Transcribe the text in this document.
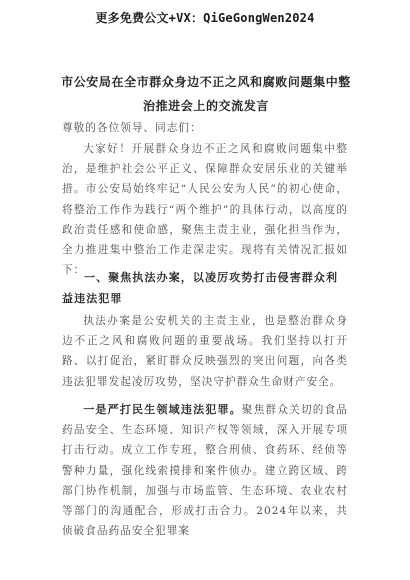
更多免费公文+VX：QiGeGongWen2024
市公安局在全市群众身边不正之风和腐败问题集中整治推进会上的交流发言

尊敬的各位领导、同志们：

大家好！开展群众身边不正之风和腐败问题集中整治，是维护社会公平正义、保障群众安居乐业的关键举措。市公安局始终牢记“人民公安为人民”的初心使命，将整治工作作为践行“两个维护”的具体行动，以高度的政治责任感和使命感，聚焦主责主业，强化担当作为，全力推进集中整治工作走深走实。现将有关情况汇报如下：

一、聚焦执法办案，以凌厉攻势打击侵害群众利益违法犯罪

执法办案是公安机关的主责主业，也是整治群众身边不正之风和腐败问题的重要战场。我们坚持以打开路、以打促治，紧盯群众反映强烈的突出问题，向各类违法犯罪发起凌厉攻势，坚决守护群众生命财产安全。

一是严打民生领域违法犯罪。聚焦群众关切的食品药品安全、生态环境、知识产权等领域，深入开展专项打击行动。成立工作专班，整合刑侦、食药环、经侦等警种力量，强化线索摸排和案件侦办。建立跨区域、跨部门协作机制，加强与市场监管、生态环境、农业农村等部门的沟通配合，形成打击合力。2024年以来，共侦破食品药品安全犯罪案
